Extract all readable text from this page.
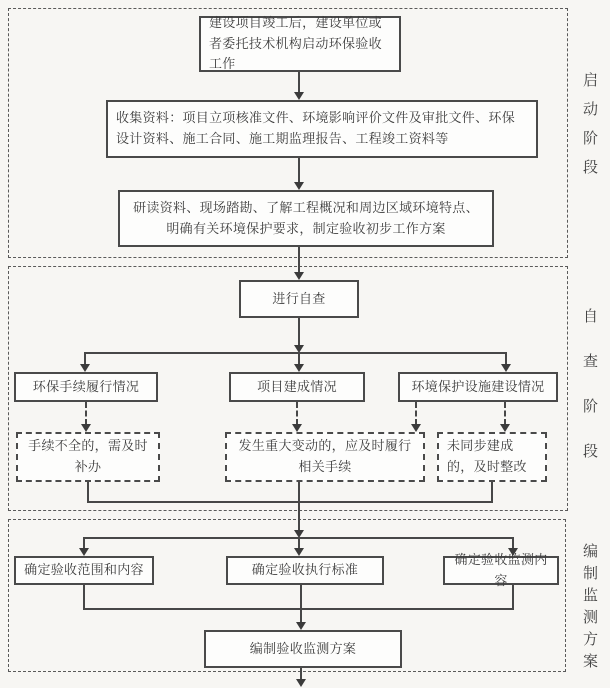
启动阶段
自查阶段
编制监测方案
建设项目竣工后，建设单位或者委托技术机构启动环保验收工作
收集资料：项目立项核准文件、环境影响评价文件及审批文件、环保设计资料、施工合同、施工期监理报告、工程竣工资料等
研读资料、现场踏勘、了解工程概况和周边区域环境特点、明确有关环境保护要求，制定验收初步工作方案
进行自查
环保手续履行情况	项目建成情况	环境保护设施建设情况
手续不全的，需及时补办
发生重大变动的，应及时履行相关手续
未同步建成的，及时整改
确定验收范围和内容	确定验收执行标准
确定验收监测内容
编制验收监测方案
